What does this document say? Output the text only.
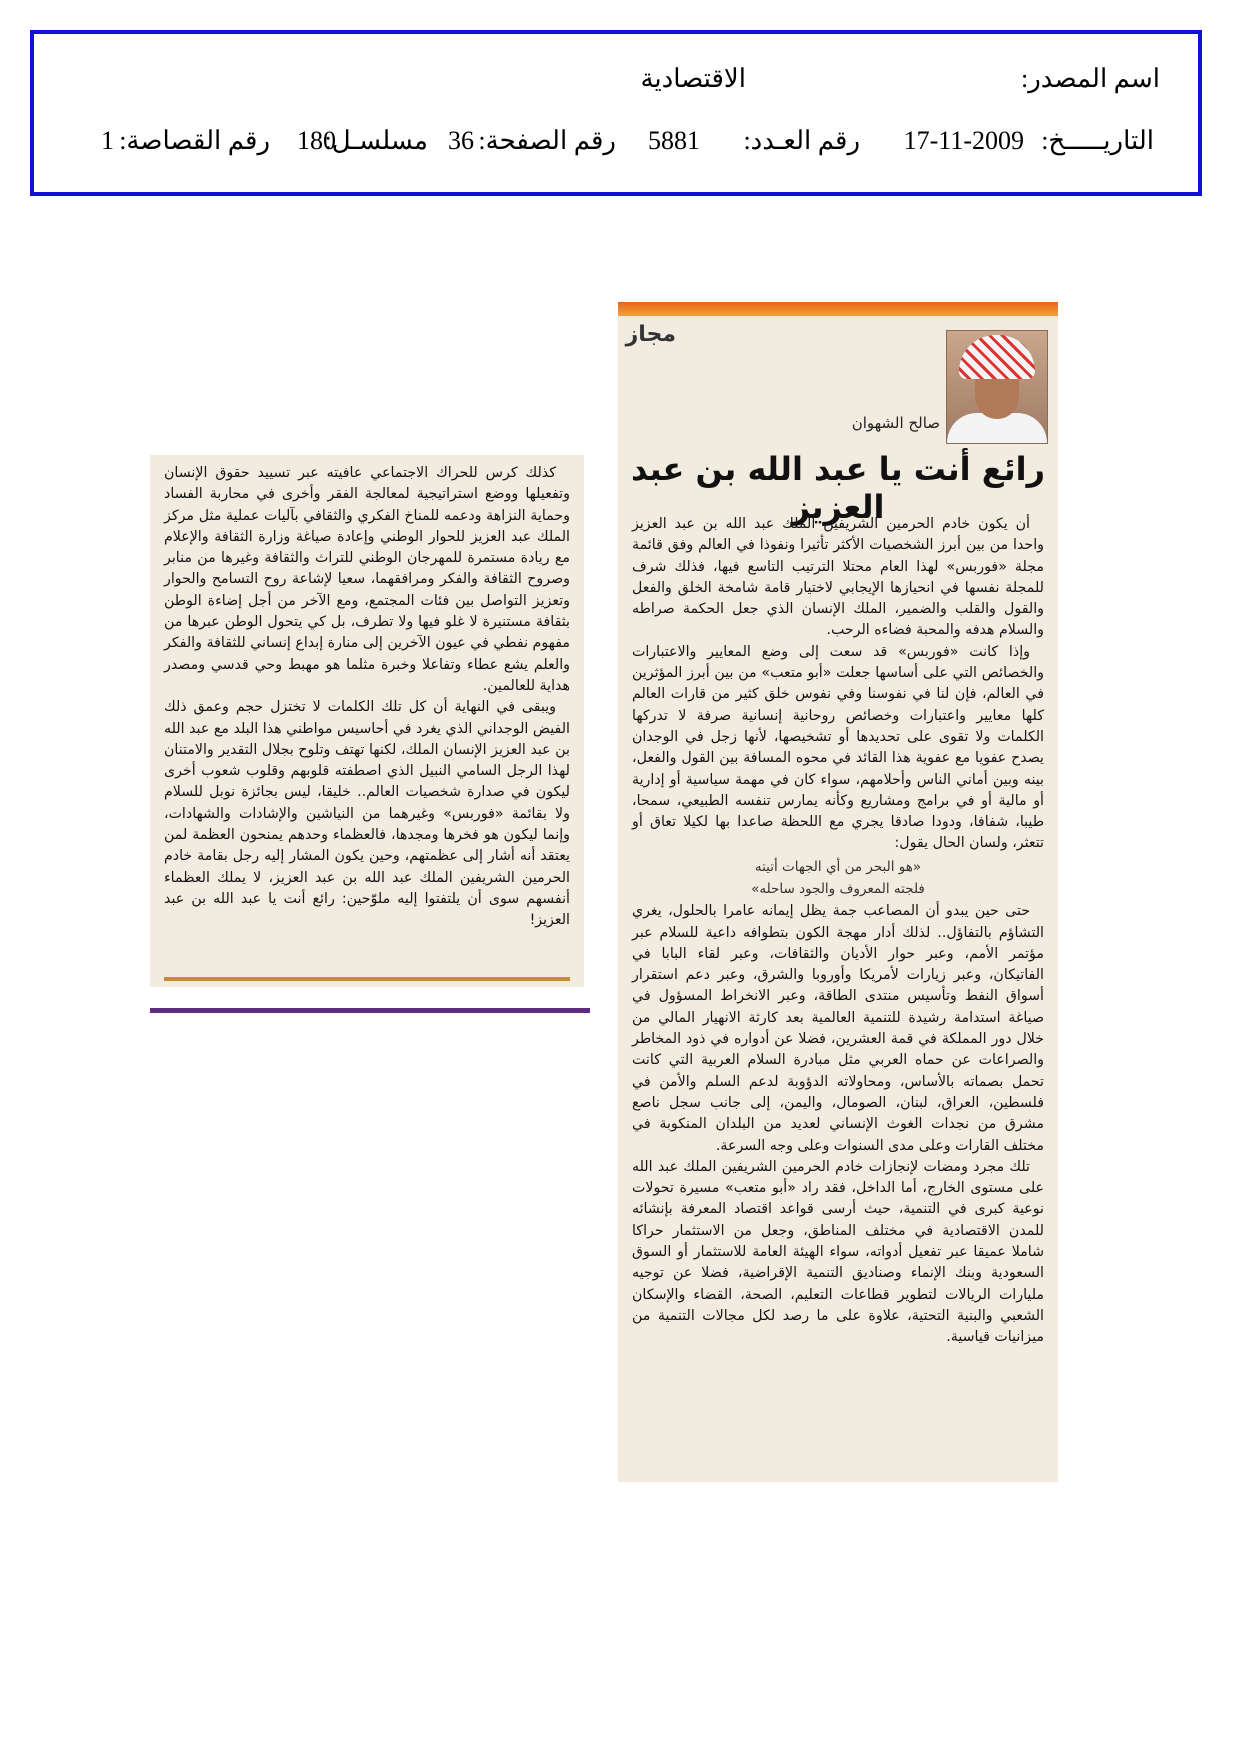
اسم المصدر:
الاقتصادية
التاريـــــخ:
17-11-2009
رقم العـدد:
5881
رقم الصفحة:
36
مسلسـل:
180
رقم القصاصة:
1
مجاز
صالح الشهوان
رائع أنت يا عبد الله بن عبد العزيز

أن يكون خادم الحرمين الشريفين الملك عبد الله بن عبد العزيز واحدا من بين أبرز الشخصيات الأكثر تأثيرا ونفوذا في العالم وفق قائمة مجلة «فوربس» لهذا العام محتلا الترتيب التاسع فيها، فذلك شرف للمجلة نفسها في انحيازها الإيجابي لاختيار قامة شامخة الخلق والفعل والقول والقلب والضمير، الملك الإنسان الذي جعل الحكمة صراطه والسلام هدفه والمحبة فضاءه الرحب.

وإذا كانت «فوربس» قد سعت إلى وضع المعايير والاعتبارات والخصائص التي على أساسها جعلت «أبو متعب» من بين أبرز المؤثرين في العالم، فإن لنا في نفوسنا وفي نفوس خلق كثير من قارات العالم كلها معايير واعتبارات وخصائص روحانية إنسانية صرفة لا تدركها الكلمات ولا تقوى على تحديدها أو تشخيصها، لأنها زجل في الوجدان يصدح عفويا مع عفوية هذا القائد في محوه المسافة بين القول والفعل، بينه وبين أماني الناس وأحلامهم، سواء كان في مهمة سياسية أو إدارية أو مالية أو في برامج ومشاريع وكأنه يمارس تنفسه الطبيعي، سمحا، طيبا، شفافا، ودودا صادقا يجري مع اللحظة صاعدا بها لكيلا تعاق أو تتعثر، ولسان الحال يقول:

«هو البحر من أي الجهات أتيته
فلجته المعروف والجود ساحله»

حتى حين يبدو أن المصاعب جمة يظل إيمانه عامرا بالحلول، يغري التشاؤم بالتفاؤل.. لذلك أدار مهجة الكون بتطوافه داعية للسلام عبر مؤتمر الأمم، وعبر حوار الأديان والثقافات، وعبر لقاء البابا في الفاتيكان، وعبر زيارات لأمريكا وأوروبا والشرق، وعبر دعم استقرار أسواق النفط وتأسيس منتدى الطاقة، وعبر الانخراط المسؤول في صياغة استدامة رشيدة للتنمية العالمية بعد كارثة الانهيار المالي من خلال دور المملكة في قمة العشرين، فضلا عن أدواره في ذود المخاطر والصراعات عن حماه العربي مثل مبادرة السلام العربية التي كانت تحمل بصماته بالأساس، ومحاولاته الدؤوبة لدعم السلم والأمن في فلسطين، العراق، لبنان، الصومال، واليمن، إلى جانب سجل ناصع مشرق من نجدات الغوث الإنساني لعديد من البلدان المنكوبة في مختلف القارات وعلى مدى السنوات وعلى وجه السرعة.

تلك مجرد ومضات لإنجازات خادم الحرمين الشريفين الملك عبد الله على مستوى الخارج، أما الداخل، فقد راد «أبو متعب» مسيرة تحولات نوعية كبرى في التنمية، حيث أرسى قواعد اقتصاد المعرفة بإنشائه للمدن الاقتصادية في مختلف المناطق، وجعل من الاستثمار حراكا شاملا عميقا عبر تفعيل أدواته، سواء الهيئة العامة للاستثمار أو السوق السعودية وبنك الإنماء وصناديق التنمية الإقراضية، فضلا عن توجيه مليارات الريالات لتطوير قطاعات التعليم، الصحة، القضاء والإسكان الشعبي والبنية التحتية، علاوة على ما رصد لكل مجالات التنمية من ميزانيات قياسية.

كذلك كرس للحراك الاجتماعي عافيته عبر تسييد حقوق الإنسان وتفعيلها ووضع استراتيجية لمعالجة الفقر وأخرى في محاربة الفساد وحماية النزاهة ودعمه للمناخ الفكري والثقافي بآليات عملية مثل مركز الملك عبد العزيز للحوار الوطني وإعادة صياغة وزارة الثقافة والإعلام مع ريادة مستمرة للمهرجان الوطني للتراث والثقافة وغيرها من منابر وصروح الثقافة والفكر ومرافقهما، سعيا لإشاعة روح التسامح والحوار وتعزيز التواصل بين فئات المجتمع، ومع الآخر من أجل إضاءة الوطن بثقافة مستنيرة لا غلو فيها ولا تطرف، بل كي يتحول الوطن عبرها من مفهوم نفطي في عيون الآخرين إلى منارة إبداع إنساني للثقافة والفكر والعلم يشع عطاء وتفاعلا وخبرة مثلما هو مهبط وحي قدسي ومصدر هداية للعالمين.

ويبقى في النهاية أن كل تلك الكلمات لا تختزل حجم وعمق ذلك الفيض الوجداني الذي يغرد في أحاسيس مواطني هذا البلد مع عبد الله بن عبد العزيز الإنسان الملك، لكنها تهتف وتلوح بجلال التقدير والامتنان لهذا الرجل السامي النبيل الذي اصطفته قلوبهم وقلوب شعوب أخرى ليكون في صدارة شخصيات العالم.. خليقا، ليس بجائزة نوبل للسلام ولا بقائمة «فوربس» وغيرهما من النياشين والإشادات والشهادات، وإنما ليكون هو فخرها ومجدها، فالعظماء وحدهم يمنحون العظمة لمن يعتقد أنه أشار إلى عظمتهم، وحين يكون المشار إليه رجل بقامة خادم الحرمين الشريفين الملك عبد الله بن عبد العزيز، لا يملك العظماء أنفسهم سوى أن يلتفتوا إليه ملوّحين: رائع أنت يا عبد الله بن عبد العزيز!
